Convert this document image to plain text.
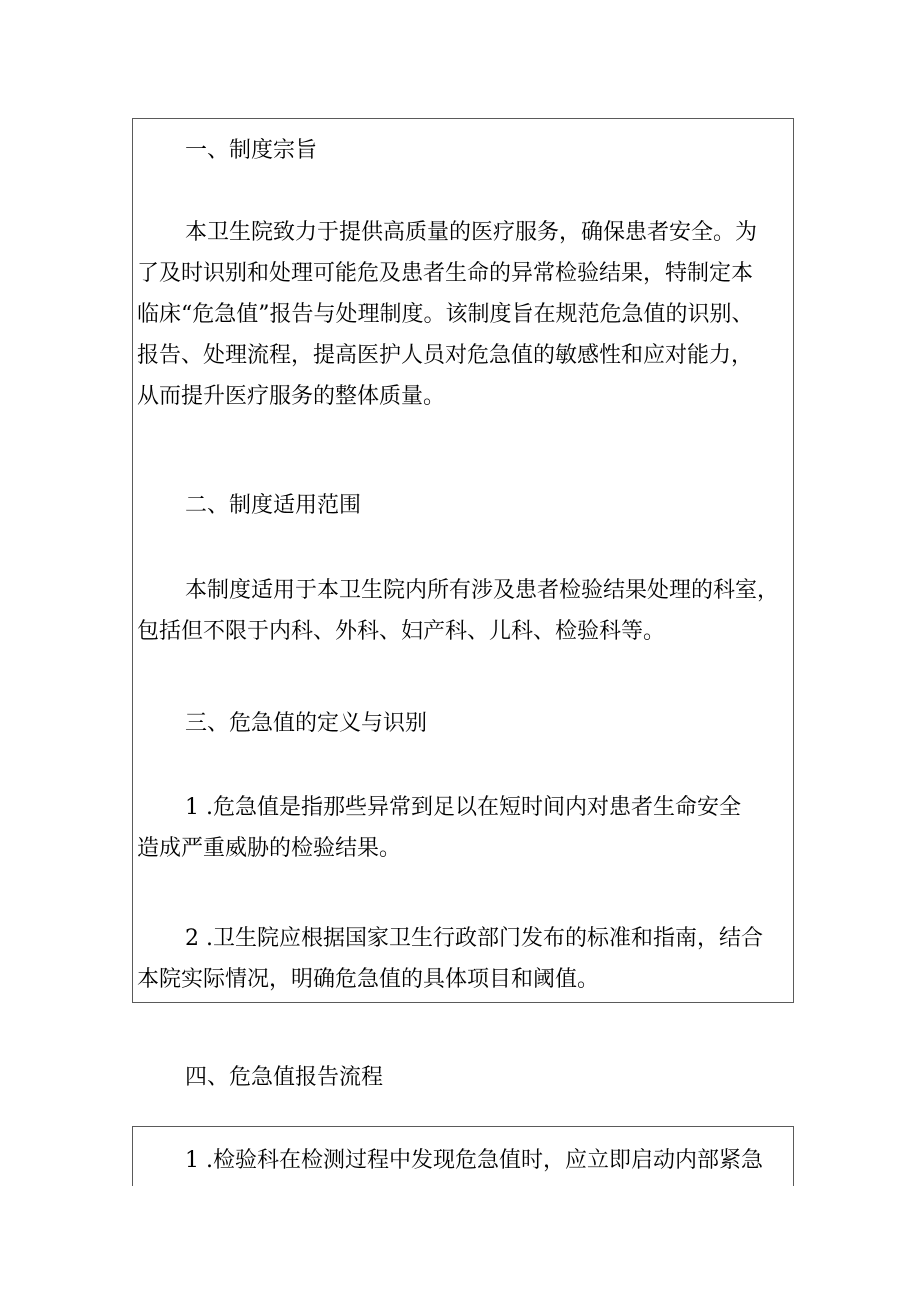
一、制度宗旨

本卫生院致力于提供高质量的医疗服务，确保患者安全。为
了及时识别和处理可能危及患者生命的异常检验结果，特制定本
临床“危急值”报告与处理制度。该制度旨在规范危急值的识别、
报告、处理流程，提高医护人员对危急值的敏感性和应对能力，
从而提升医疗服务的整体质量。

二、制度适用范围

本制度适用于本卫生院内所有涉及患者检验结果处理的科室，
包括但不限于内科、外科、妇产科、儿科、检验科等。

三、危急值的定义与识别

1 .危急值是指那些异常到足以在短时间内对患者生命安全
造成严重威胁的检验结果。

2 .卫生院应根据国家卫生行政部门发布的标准和指南，结合
本院实际情况，明确危急值的具体项目和阈值。

四、危急值报告流程

1 .检验科在检测过程中发现危急值时，应立即启动内部紧急
